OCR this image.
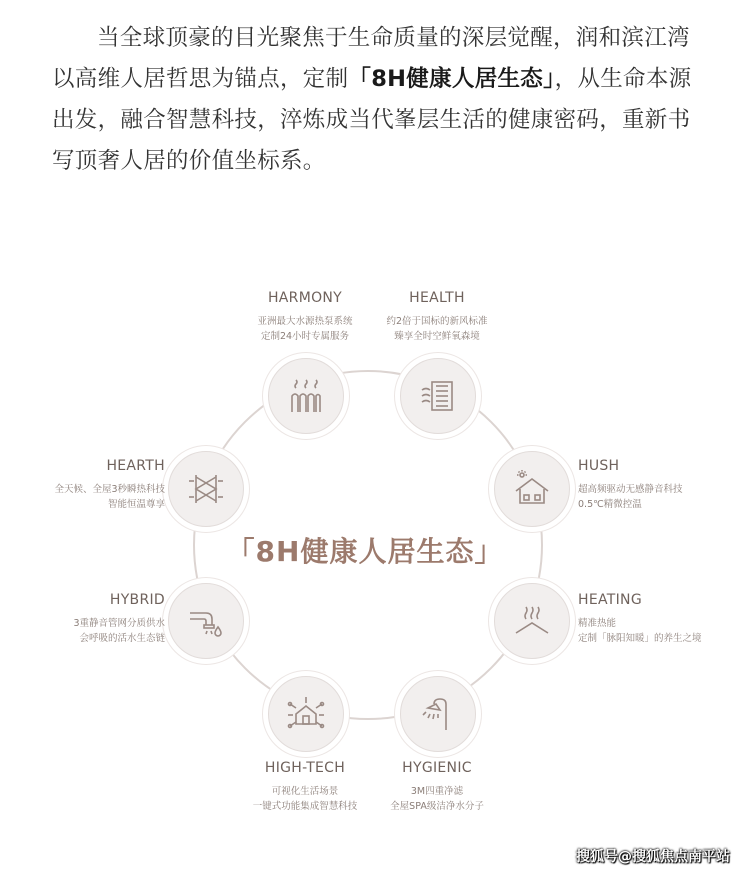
当全球顶豪的目光聚焦于生命质量的深层觉醒，润和滨江湾以高维人居哲思为锚点，定制「8H健康人居生态」，从生命本源出发，融合智慧科技，淬炼成当代峯层生活的健康密码，重新书写顶奢人居的价值坐标系。

「8H健康人居生态」
HARMONY
亚洲最大水源热泵系统
定制24小时专属服务
HEALTH
约2倍于国标的新风标准
臻享全时空鲜氧森境
HUSH
超高频驱动无感静音科技
0.5℃精微控温
HEATING
精准热能
定制「脉阳知暖」的养生之境
HYGIENIC
3M四重净滤
全屋SPA级洁净水分子
HIGH-TECH
可视化生活场景
一键式功能集成智慧科技
HYBRID
3重静音管网分质供水
会呼吸的活水生态链
HEARTH
全天候、全屋3秒瞬热科技
智能恒温尊享
搜狐号@搜狐焦点南平站
